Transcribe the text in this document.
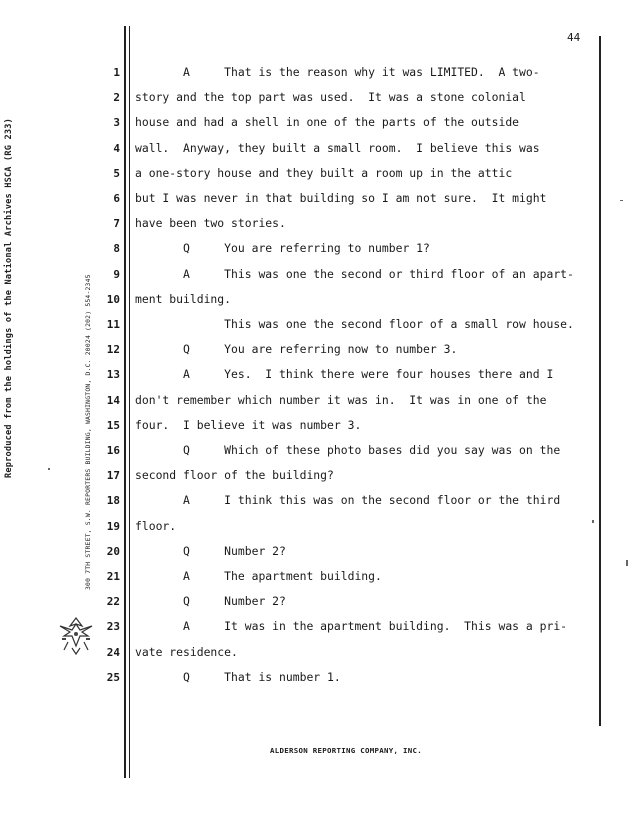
Reproduced from the holdings of the National Archives HSCA (RG 233)	300 7TH STREET, S.W. REPORTERS BUILDING, WASHINGTON, D.C. 20024 (202) 554-2345
44
1 A     That is the reason why it was LIMITED.  A two-
2 story and the top part was used.  It was a stone colonial
3 house and had a shell in one of the parts of the outside
4 wall.  Anyway, they built a small room.  I believe this was
5 a one-story house and they built a room up in the attic
6 but I was never in that building so I am not sure.  It might
7 have been two stories.
8 Q     You are referring to number 1?
9 A     This was one the second or third floor of an apart-
10 ment building.
11 This was one the second floor of a small row house.
12 Q     You are referring now to number 3.
13 A     Yes.  I think there were four houses there and I
14 don't remember which number it was in.  It was in one of the
15 four.  I believe it was number 3.
16 Q     Which of these photo bases did you say was on the
17 second floor of the building?
18 A     I think this was on the second floor or the third
19 floor.
20 Q     Number 2?
21 A     The apartment building.
22 Q     Number 2?
23 A     It was in the apartment building.  This was a pri-
24 vate residence.
25 Q     That is number 1.
ALDERSON REPORTING COMPANY, INC.
